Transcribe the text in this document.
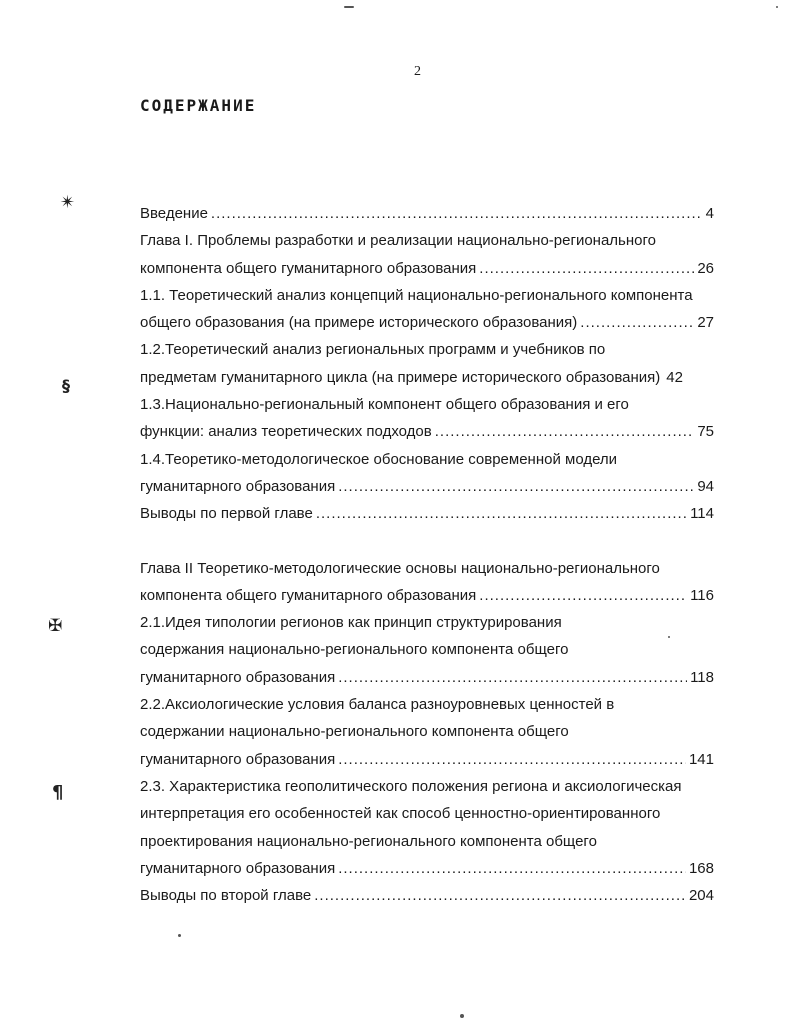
2
СОДЕРЖАНИЕ
Введение .....	4
Глава I. Проблемы разработки и реализации национально-регионального
компонента общего гуманитарного образования .....	26
1.1. Теоретический анализ концепций национально-регионального компонента
общего образования (на примере исторического образования) .....	27
1.2.Теоретический анализ региональных программ и учебников по
предметам гуманитарного цикла (на примере исторического образования) 42
1.3.Национально-региональный компонент общего образования и его
функции: анализ теоретических подходов .....	75
1.4.Теоретико-методологическое обоснование современной модели
гуманитарного образования .....	94
Выводы по первой главе .....	114
Глава II Теоретико-методологические основы национально-регионального
компонента общего гуманитарного образования .....	116
2.1.Идея типологии регионов как принцип структурирования
содержания национально-регионального компонента общего
гуманитарного образования .....	118
2.2.Аксиологические условия баланса разноуровневых ценностей в
содержании национально-регионального компонента общего
гуманитарного образования .....	141
2.3. Характеристика геополитического положения региона и аксиологическая
интерпретация его особенностей как способ ценностно-ориентированного
проектирования национально-регионального компонента общего
гуманитарного образования .....	168
Выводы по второй главе .....	204
✴
§
✠
¶
